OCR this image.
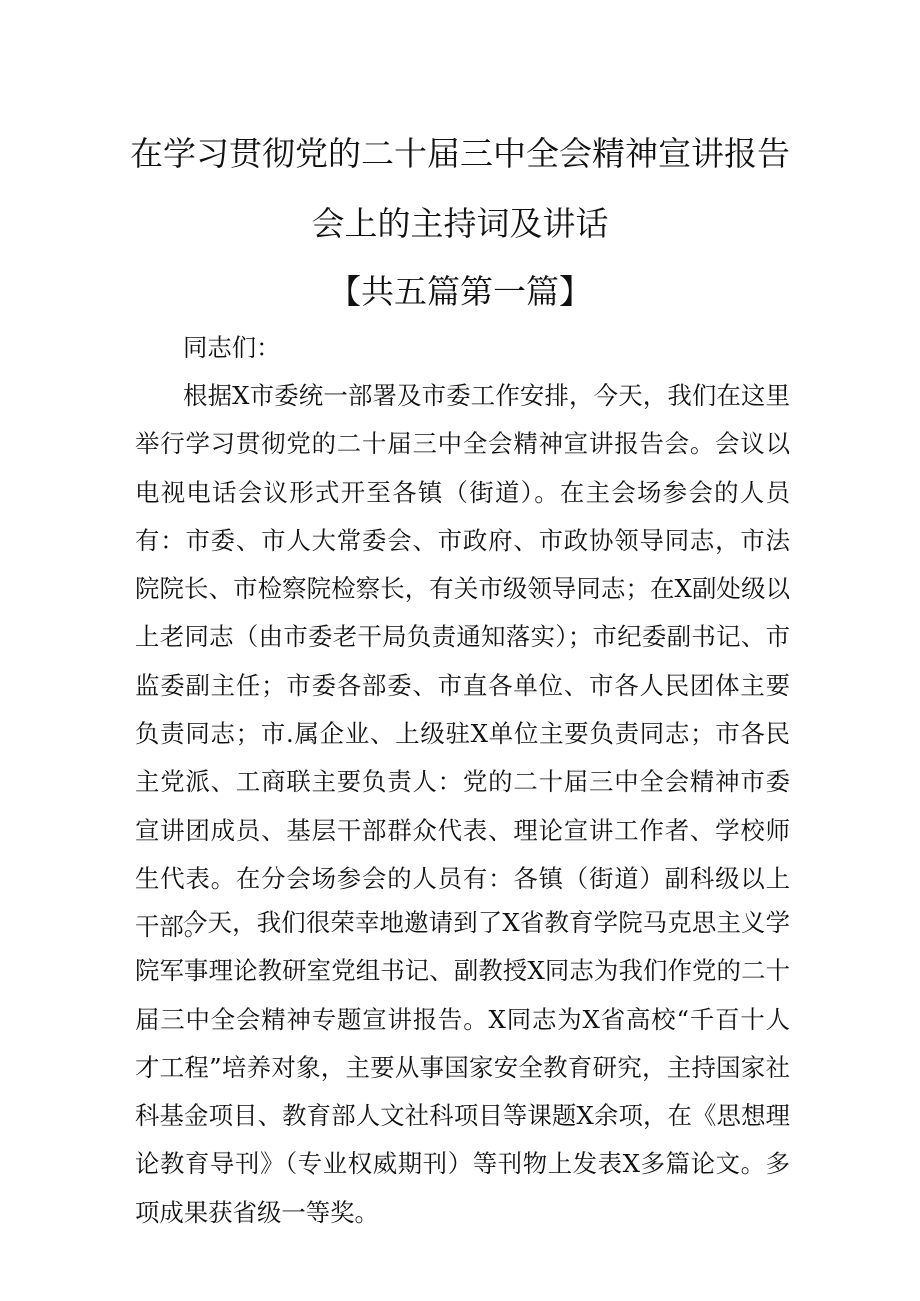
在学习贯彻党的二十届三中全会精神宣讲报告
会上的主持词及讲话
【共五篇第一篇】
同志们：

根据X市委统一部署及市委工作安排，今天，我们在这里举行学习贯彻党的二十届三中全会精神宣讲报告会。会议以电视电话会议形式开至各镇（街道）。在主会场参会的人员有：市委、市人大常委会、市政府、市政协领导同志，市法院院长、市检察院检察长，有关市级领导同志；在X副处级以上老同志（由市委老干局负责通知落实）；市纪委副书记、市监委副主任；市委各部委、市直各单位、市各人民团体主要负责同志；市.属企业、上级驻X单位主要负责同志；市各民主党派、工商联主要负责人：党的二十届三中全会精神市委宣讲团成员、基层干部群众代表、理论宣讲工作者、学校师生代表。在分会场参会的人员有：各镇（街道）副科级以上干部。

今天，我们很荣幸地邀请到了X省教育学院马克思主义学院军事理论教研室党组书记、副教授X同志为我们作党的二十届三中全会精神专题宣讲报告。X同志为X省高校“千百十人才工程”培养对象，主要从事国家安全教育研究，主持国家社科基金项目、教育部人文社科项目等课题X余项，在《思想理论教育导刊》（专业权威期刊）等刊物上发表X多篇论文。多项成果获省级一等奖。
